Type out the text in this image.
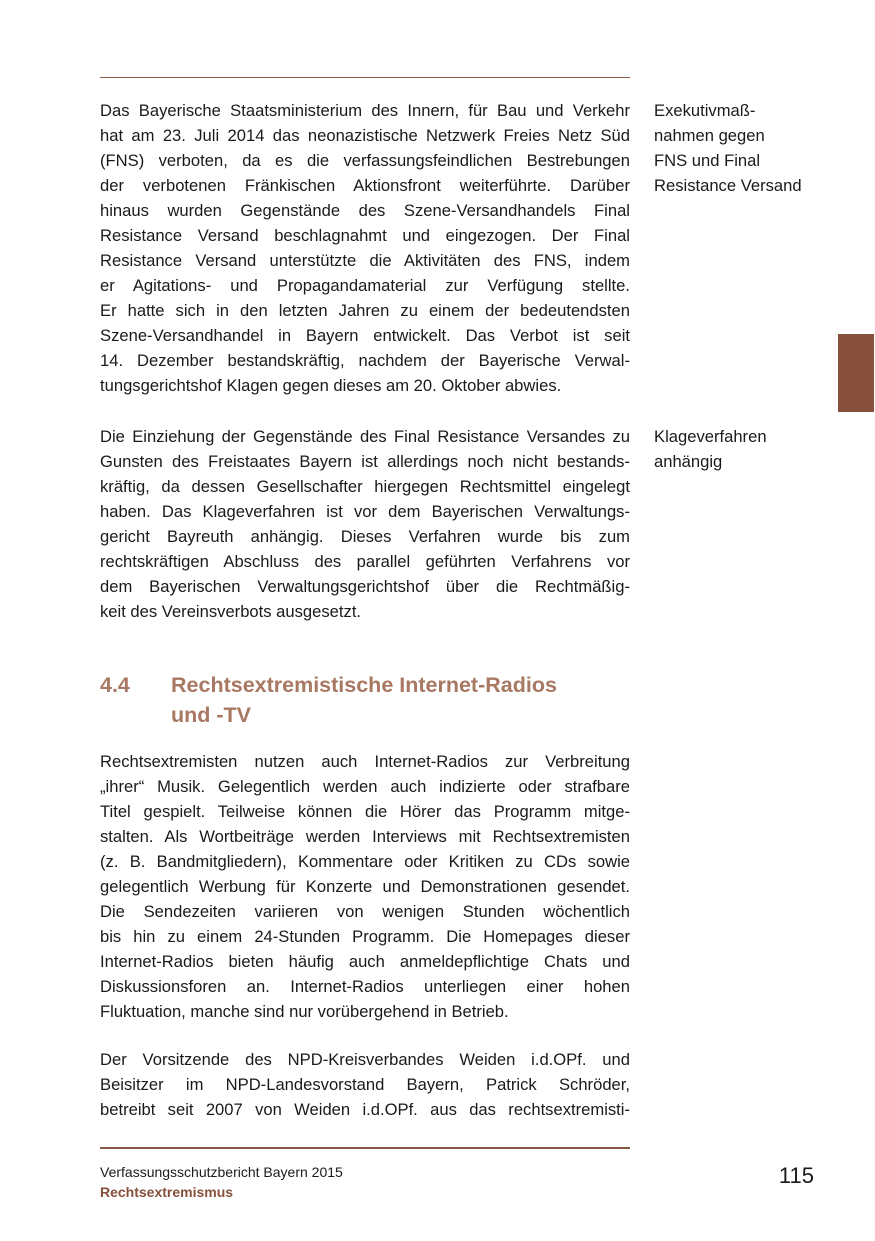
Das Bayerische Staatsministerium des Innern, für Bau und Verkehr
hat am 23. Juli 2014 das neonazistische Netzwerk Freies Netz Süd
(FNS) verboten, da es die verfassungsfeindlichen Bestrebungen
der verbotenen Fränkischen Aktionsfront weiterführte. Darüber
hinaus wurden Gegenstände des Szene-Versandhandels Final
Resistance Versand beschlagnahmt und eingezogen. Der Final
Resistance Versand unterstützte die Aktivitäten des FNS, indem
er Agitations- und Propagandamaterial zur Verfügung stellte.
Er hatte sich in den letzten Jahren zu einem der bedeutendsten
Szene-Versandhandel in Bayern entwickelt. Das Verbot ist seit
14. Dezember bestandskräftig, nachdem der Bayerische Verwal-
tungsgerichtshof Klagen gegen dieses am 20. Oktober abwies.

Exekutivmaß-
nahmen gegen
FNS und Final
Resistance Versand

Die Einziehung der Gegenstände des Final Resistance Versandes zu
Gunsten des Freistaates Bayern ist allerdings noch nicht bestands-
kräftig, da dessen Gesellschafter hiergegen Rechtsmittel eingelegt
haben. Das Klageverfahren ist vor dem Bayerischen Verwaltungs-
gericht Bayreuth anhängig. Dieses Verfahren wurde bis zum
rechtskräftigen Abschluss des parallel geführten Verfahrens vor
dem Bayerischen Verwaltungsgerichtshof über die Rechtmäßig-
keit des Vereinsverbots ausgesetzt.

Klageverfahren
anhängig

4.4	Rechtsextremistische Internet-Radios
und -TV

Rechtsextremisten nutzen auch Internet-Radios zur Verbreitung
„ihrer“ Musik. Gelegentlich werden auch indizierte oder strafbare
Titel gespielt. Teilweise können die Hörer das Programm mitge-
stalten. Als Wortbeiträge werden Interviews mit Rechtsextremisten
(z. B. Bandmitgliedern), Kommentare oder Kritiken zu CDs sowie
gelegentlich Werbung für Konzerte und Demonstrationen gesendet.
Die Sendezeiten variieren von wenigen Stunden wöchentlich
bis hin zu einem 24-Stunden Programm. Die Homepages dieser
Internet-Radios bieten häufig auch anmeldepflichtige Chats und
Diskussionsforen an. Internet-Radios unterliegen einer hohen
Fluktuation, manche sind nur vorübergehend in Betrieb.

Der Vorsitzende des NPD-Kreisverbandes Weiden i.d.OPf. und
Beisitzer im NPD-Landesvorstand Bayern, Patrick Schröder,
betreibt seit 2007 von Weiden i.d.OPf. aus das rechtsextremisti-

Verfassungsschutzbericht Bayern 2015

Rechtsextremismus

115
